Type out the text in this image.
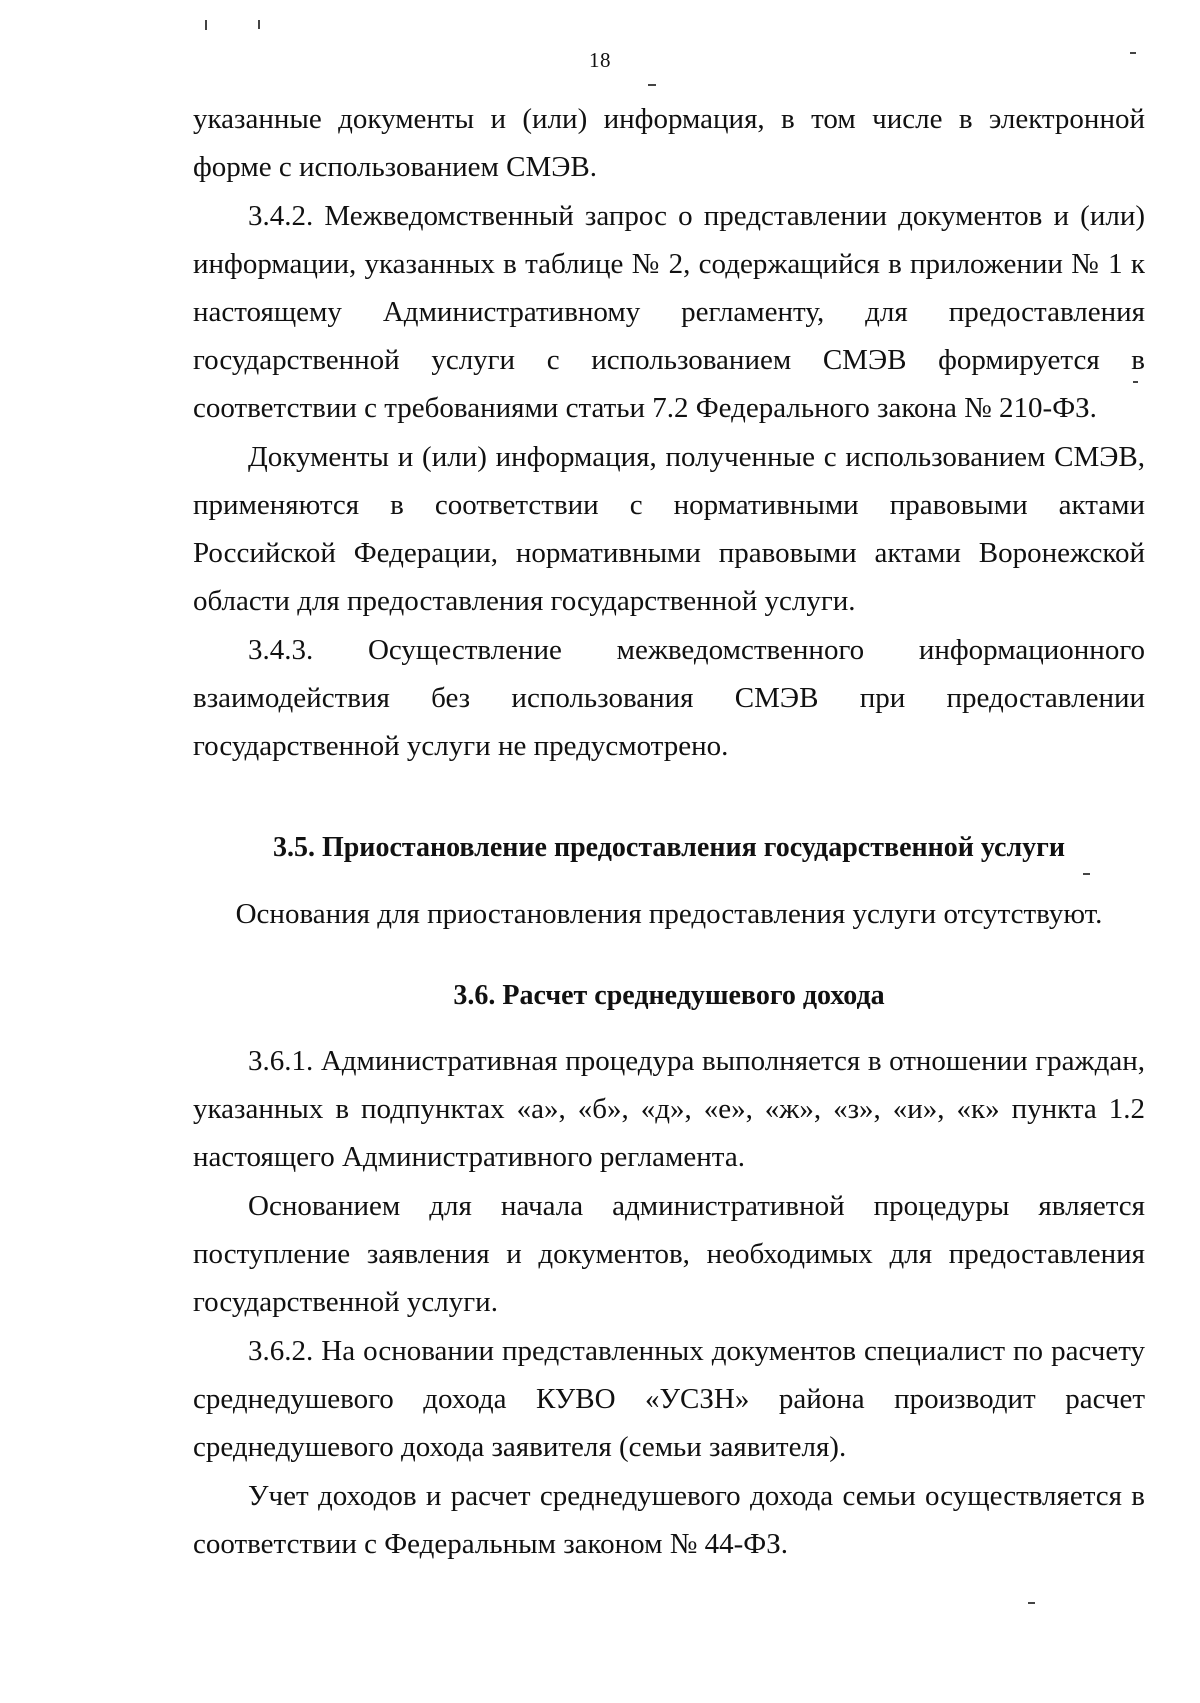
18

указанные документы и (или) информация, в том числе в электронной форме с использованием СМЭВ.

3.4.2. Межведомственный запрос о представлении документов и (или) информации, указанных в таблице № 2, содержащийся в приложении № 1 к настоящему Административному регламенту, для предоставления государственной услуги с использованием СМЭВ формируется в соответствии с требованиями статьи 7.2 Федерального закона № 210-ФЗ.

Документы и (или) информация, полученные с использованием СМЭВ, применяются в соответствии с нормативными правовыми актами Российской Федерации, нормативными правовыми актами Воронежской области для предоставления государственной услуги.

3.4.3. Осуществление межведомственного информационного взаимодействия без использования СМЭВ при предоставлении государственной услуги не предусмотрено.

3.5. Приостановление предоставления государственной услуги
Основания для приостановления предоставления услуги отсутствуют.
3.6. Расчет среднедушевого дохода

3.6.1. Административная процедура выполняется в отношении граждан, указанных в подпунктах «а», «б», «д», «е», «ж», «з», «и», «к» пункта 1.2 настоящего Административного регламента.

Основанием для начала административной процедуры является поступление заявления и документов, необходимых для предоставления государственной услуги.

3.6.2. На основании представленных документов специалист по расчету среднедушевого дохода КУВО «УСЗН» района производит расчет среднедушевого дохода заявителя (семьи заявителя).

Учет доходов и расчет среднедушевого дохода семьи осуществляется в соответствии с Федеральным законом № 44-ФЗ.
